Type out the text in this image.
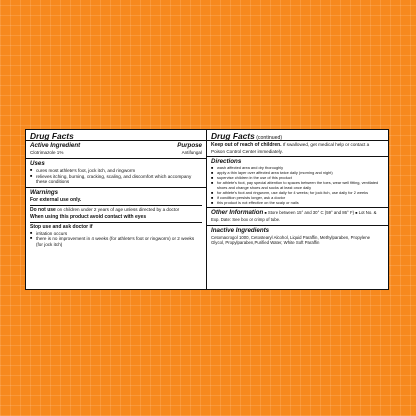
Drug Facts
Active Ingredient	Purpose
Clotrimazole 1%	Antifungal
Uses
■ cures most athlete's foot, jock itch, and ringworm
■ relieves itching, burning, cracking, scaling, and discomfort which accompany these conditions
Warnings
For external use only.
Do not use on children under 2 years of age unless directed by a doctor
When using this product avoid contact with eyes
Stop use and ask doctor if
■ irritation occurs
■ there is no improvement in 4 weeks (for athlete's foot or ringworm) or 2 weeks (for jock itch)
Drug Facts (continued)
Keep out of reach of children. If swallowed, get medical help or contact a Poison Control Center immediately.
Directions
■ wash affected area and dry thoroughly
■ apply a thin layer over affected area twice daily (morning and night)
■ supervise children in the use of this product
■ for athlete's foot, pay special attention to spaces between the toes, wear well fitting, ventilated shoes and change shoes and socks at least once daily
■ for athlete's foot and ringworm, use daily for 4 weeks; for jock itch, use daily for 2 weeks
■ if condition persists longer, ask a doctor
■ this product is not effective on the scalp or nails
Other Information ■ Store between 15° and 30° C (59° and 86° F) ■ Lot No. & Exp. Date: See box or crimp of tube.
Inactive Ingredients
Cetomacrogol 1000, Cetostearyl Alcohol, Liquid Paraffin, Methylparaben, Propylene Glycol, Propylparaben,Purified Water, White Soft Paraffin
